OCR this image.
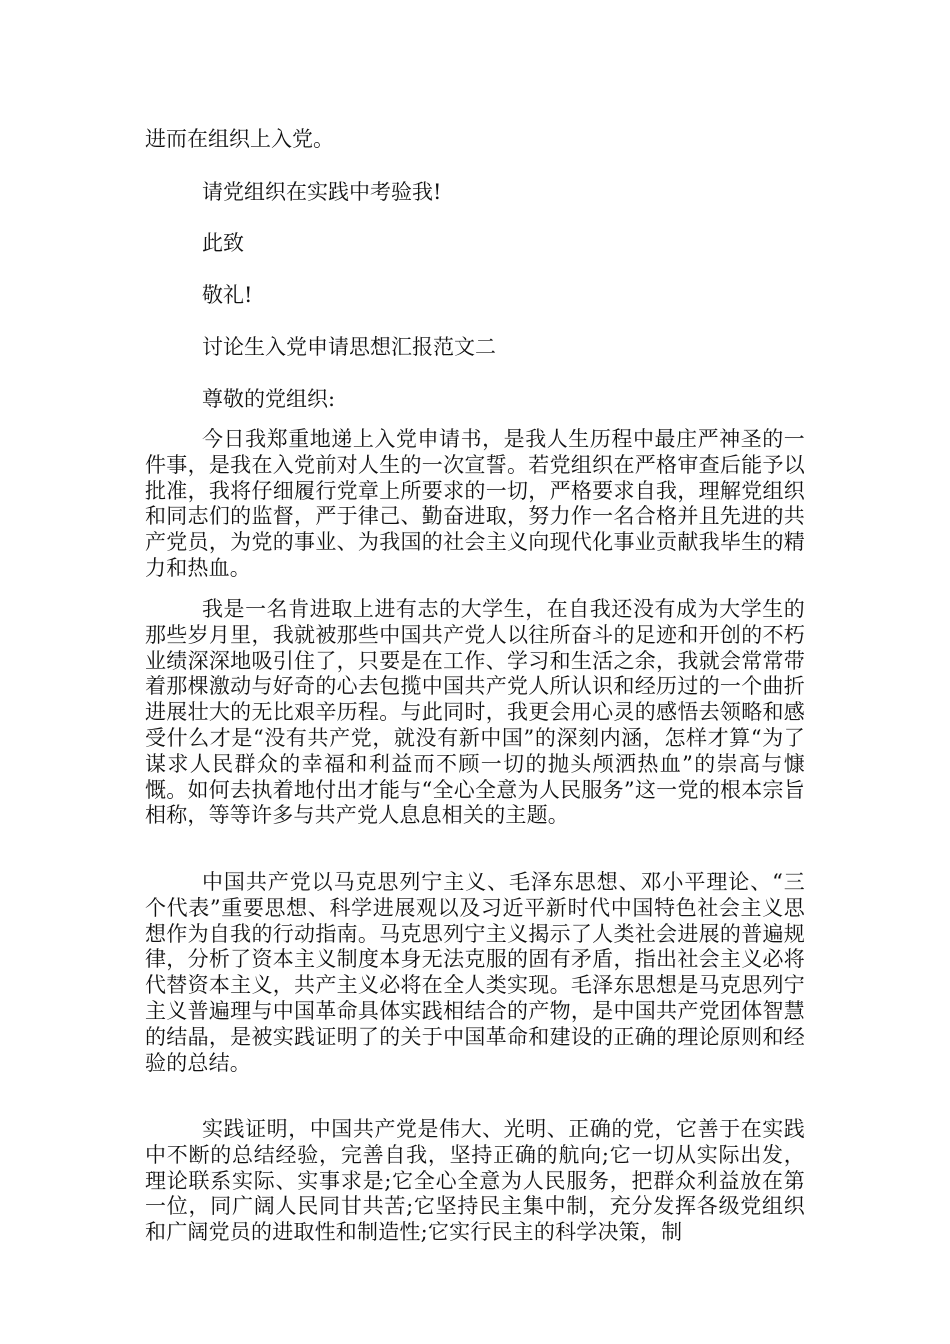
进而在组织上入党。
请党组织在实践中考验我!
此致
敬礼!
讨论生入党申请思想汇报范文二
尊敬的党组织:
今日我郑重地递上入党申请书，是我人生历程中最庄严神圣的一件事，是我在入党前对人生的一次宣誓。若党组织在严格审查后能予以批准，我将仔细履行党章上所要求的一切，严格要求自我，理解党组织和同志们的监督，严于律己、勤奋进取，努力作一名合格并且先进的共产党员，为党的事业、为我国的社会主义向现代化事业贡献我毕生的精力和热血。
我是一名肯进取上进有志的大学生，在自我还没有成为大学生的那些岁月里，我就被那些中国共产党人以往所奋斗的足迹和开创的不朽业绩深深地吸引住了，只要是在工作、学习和生活之余，我就会常常带着那棵激动与好奇的心去包揽中国共产党人所认识和经历过的一个曲折进展壮大的无比艰辛历程。与此同时，我更会用心灵的感悟去领略和感受什么才是“没有共产党，就没有新中国”的深刻内涵，怎样才算“为了谋求人民群众的幸福和利益而不顾一切的抛头颅洒热血”的崇高与慷慨。如何去执着地付出才能与“全心全意为人民服务”这一党的根本宗旨相称，等等许多与共产党人息息相关的主题。
中国共产党以马克思列宁主义、毛泽东思想、邓小平理论、“三个代表”重要思想、科学进展观以及习近平新时代中国特色社会主义思想作为自我的行动指南。马克思列宁主义揭示了人类社会进展的普遍规律，分析了资本主义制度本身无法克服的固有矛盾，指出社会主义必将代替资本主义，共产主义必将在全人类实现。毛泽东思想是马克思列宁主义普遍理与中国革命具体实践相结合的产物，是中国共产党团体智慧的结晶，是被实践证明了的关于中国革命和建设的正确的理论原则和经验的总结。
实践证明，中国共产党是伟大、光明、正确的党，它善于在实践中不断的总结经验，完善自我，坚持正确的航向;它一切从实际出发，理论联系实际、实事求是;它全心全意为人民服务，把群众利益放在第一位，同广阔人民同甘共苦;它坚持民主集中制，充分发挥各级党组织和广阔党员的进取性和制造性;它实行民主的科学决策，制
